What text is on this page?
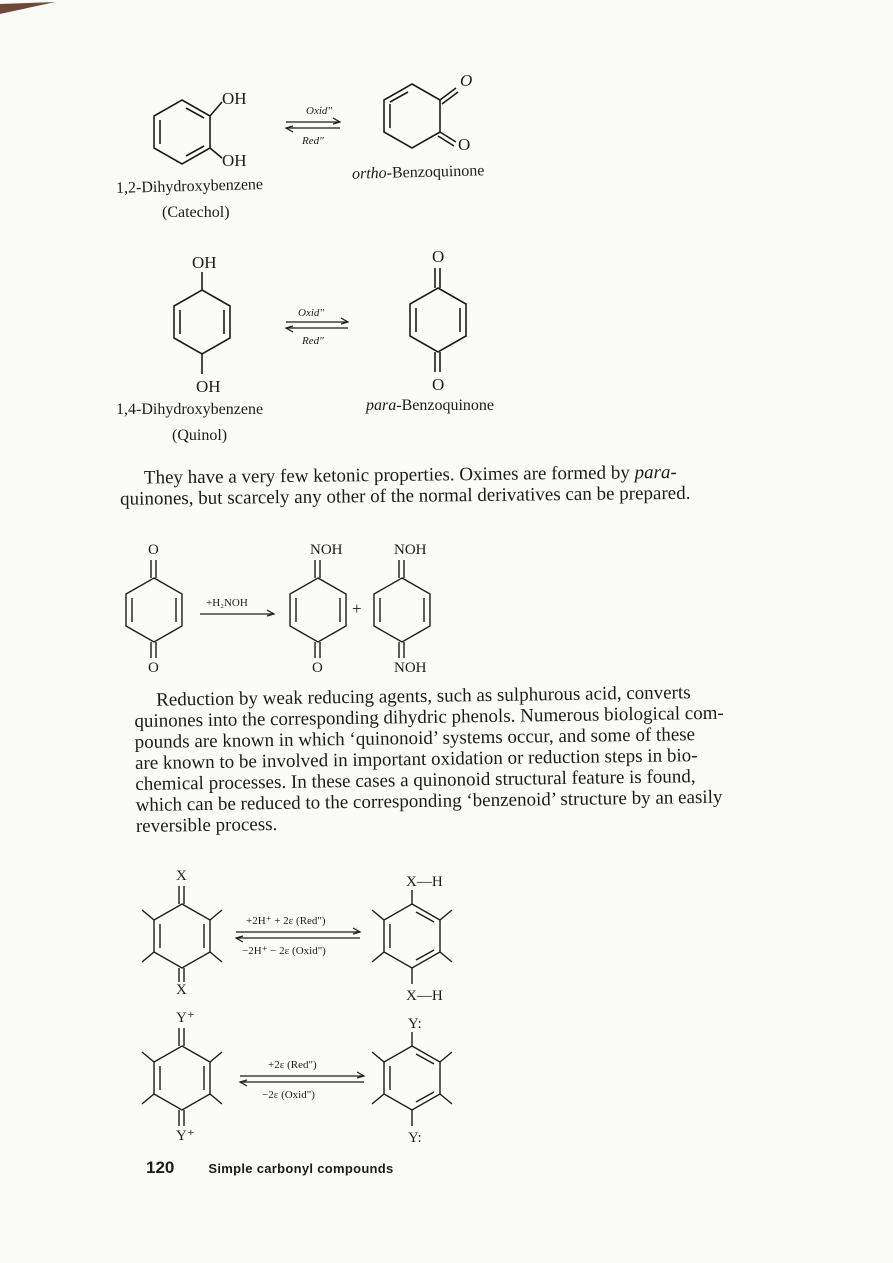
OH
OH
Oxid"
Red"
O
O
1,2-Dihydroxybenzene
(Catechol)
ortho-Benzoquinone
OH
OH
Oxid"
Red"
O
O
1,4-Dihydroxybenzene
(Quinol)
para-Benzoquinone
They have a very few ketonic properties. Oximes are formed by para-
quinones, but scarcely any other of the normal derivatives can be prepared.
O
O
+H₂NOH
NOH
O
+
NOH
NOH
Reduction by weak reducing agents, such as sulphurous acid, converts
quinones into the corresponding dihydric phenols. Numerous biological com-
pounds are known in which ‘quinonoid’ systems occur, and some of these
are known to be involved in important oxidation or reduction steps in bio-
chemical processes. In these cases a quinonoid structural feature is found,
which can be reduced to the corresponding ‘benzenoid’ structure by an easily
reversible process.
X
X
+2H⁺ + 2ε (Red")
−2H⁺ − 2ε (Oxid")
X—H
X—H
Y⁺
Y⁺
+2ε (Red")
−2ε (Oxid")
Y:
Y:
120	Simple carbonyl compounds
